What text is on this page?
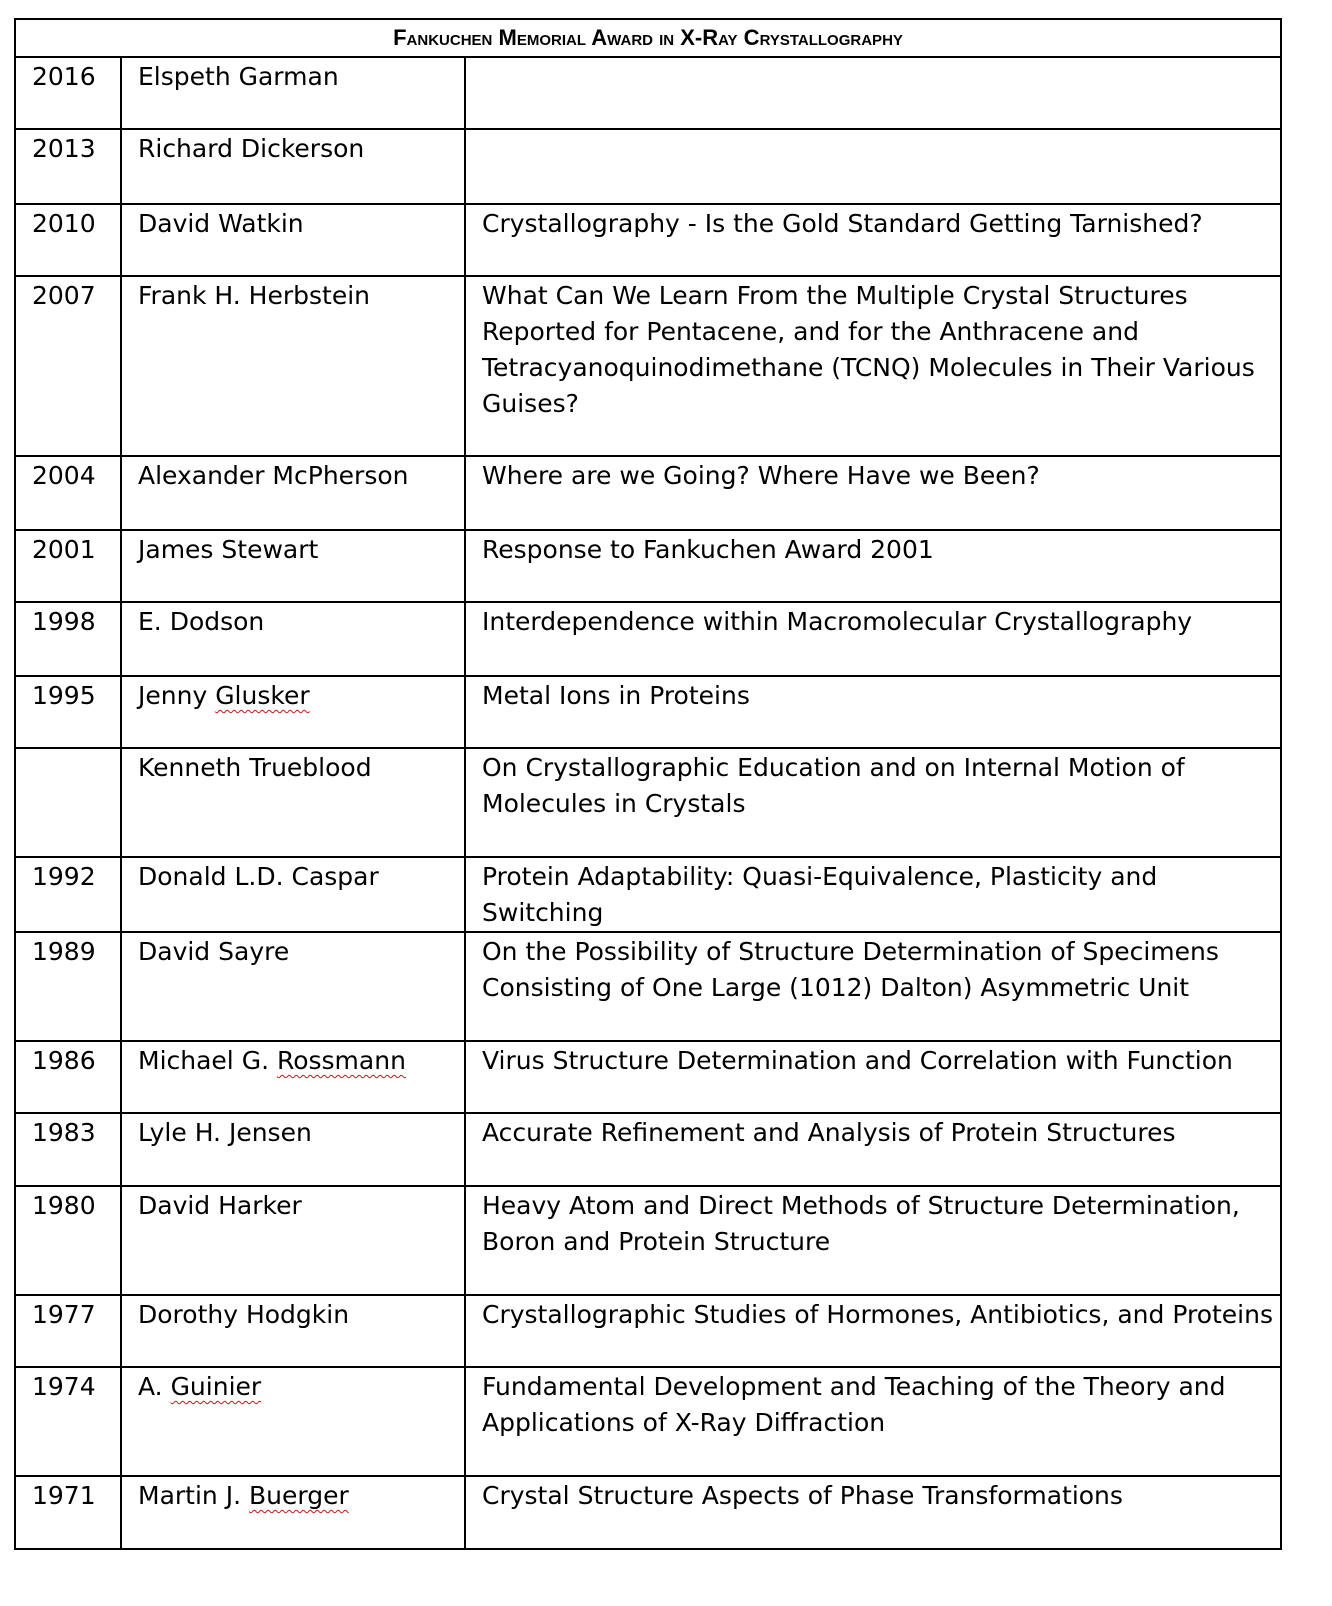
Fankuchen Memorial Award in X-Ray Crystallography		
2016	Elspeth Garman	
2013	Richard Dickerson	
2010	David Watkin	Crystallography - Is the Gold Standard Getting Tarnished?
2007	Frank H. Herbstein	What Can We Learn From the Multiple Crystal Structures Reported for Pentacene, and for the Anthracene and Tetracyanoquinodimethane (TCNQ) Molecules in Their Various Guises?
2004	Alexander McPherson	Where are we Going? Where Have we Been?
2001	James Stewart	Response to Fankuchen Award 2001
1998	E. Dodson	Interdependence within Macromolecular Crystallography
1995	Jenny Glusker	Metal Ions in Proteins
	Kenneth Trueblood	On Crystallographic Education and on Internal Motion of Molecules in Crystals
1992	Donald L.D. Caspar	Protein Adaptability: Quasi-Equivalence, Plasticity and Switching
1989	David Sayre	On the Possibility of Structure Determination of Specimens Consisting of One Large (1012) Dalton) Asymmetric Unit
1986	Michael G. Rossmann	Virus Structure Determination and Correlation with Function
1983	Lyle H. Jensen	Accurate Refinement and Analysis of Protein Structures
1980	David Harker	Heavy Atom and Direct Methods of Structure Determination, Boron and Protein Structure
1977	Dorothy Hodgkin	Crystallographic Studies of Hormones, Antibiotics, and Proteins
1974	A. Guinier	Fundamental Development and Teaching of the Theory and Applications of X-Ray Diffraction
1971	Martin J. Buerger	Crystal Structure Aspects of Phase Transformations
